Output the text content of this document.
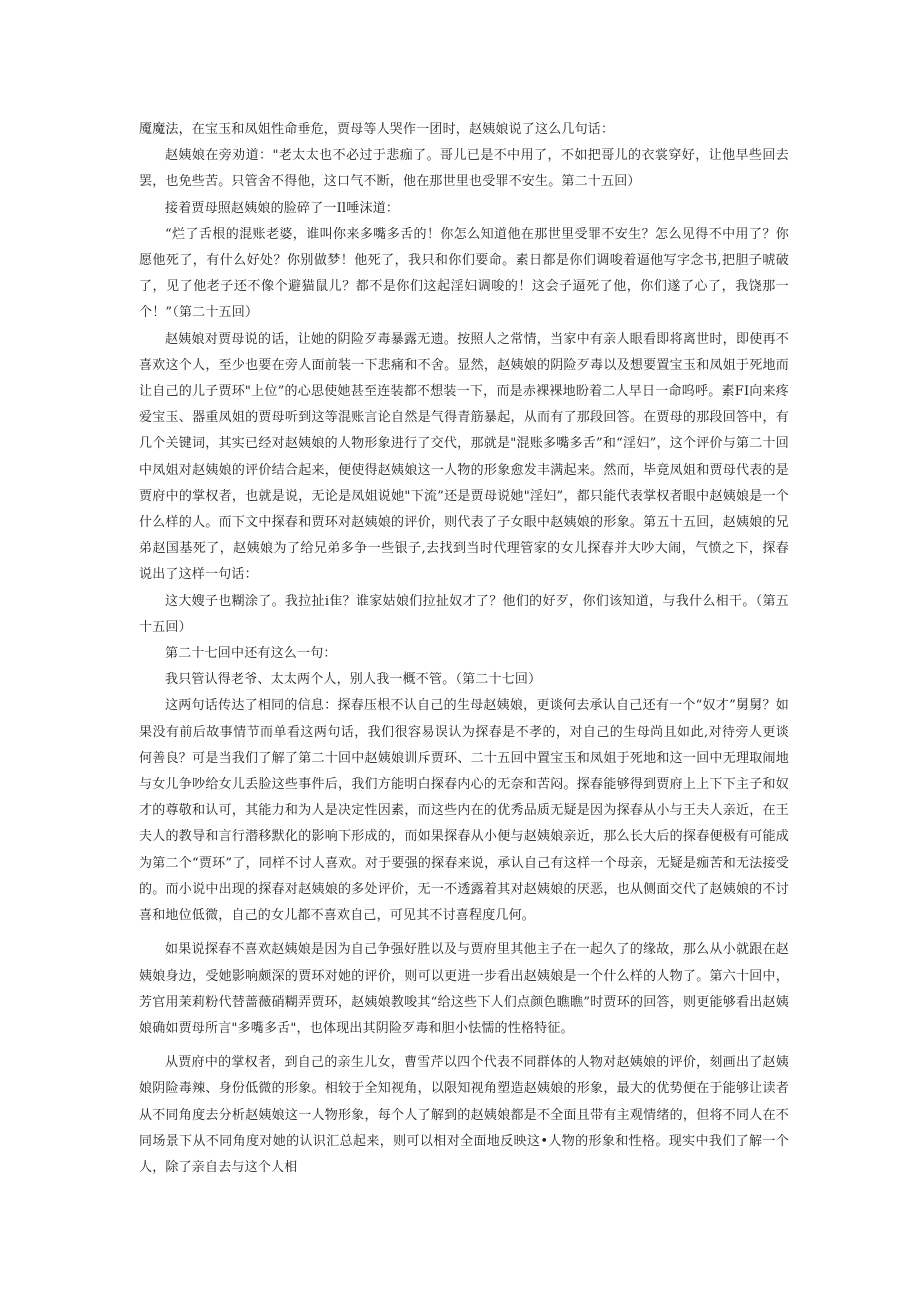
魇魔法，在宝玉和凤姐性命垂危，贾母等人哭作一团时，赵姨娘说了这么几句话：

赵姨娘在旁劝道："老太太也不必过于悲痂了。哥儿已是不中用了，不如把哥儿的衣裳穿好，让他早些回去罢，也免些苦。只管舍不得他，这口气不断，他在那世里也受罪不安生。第二十五回）

接着贾母照赵姨娘的脸碎了一Il唾沫道：

“烂了舌根的混账老婆，谁叫你来多嘴多舌的！你怎么知道他在那世里受罪不安生？怎么见得不中用了？你愿他死了，有什么好处？你别做梦！他死了，我只和你们要命。素日都是你们调唆着逼他写字念书,把胆子唬破了，见了他老子还不像个避猫鼠儿？都不是你们这起淫妇调唆的！这会子逼死了他，你们遂了心了，我饶那一个！”（第二十五回）

赵姨娘对贾母说的话，让她的阴险歹毒暴露无遗。按照人之常情，当家中有亲人眼看即将离世时，即使再不喜欢这个人，至少也要在旁人面前装一下悲痛和不舍。显然，赵姨娘的阴险歹毒以及想要置宝玉和凤姐于死地而让自己的儿子贾环"上位”的心思使她甚至连装都不想装一下，而是赤裸裸地盼着二人早日一命呜呼。素FI向来疼爱宝玉、器重凤姐的贾母听到这等混账言论自然是气得青筋暴起，从而有了那段回答。在贾母的那段回答中，有几个关键词，其实已经对赵姨娘的人物形象进行了交代，那就是"混账多嘴多舌”和“淫妇”，这个评价与第二十回中凤姐对赵姨娘的评价结合起来，便使得赵姨娘这一人物的形象愈发丰满起来。然而，毕竟凤姐和贾母代表的是贾府中的掌权者，也就是说，无论是凤姐说她"下流”还是贾母说她"淫妇”，都只能代表掌权者眼中赵姨娘是一个什么样的人。而下文中探春和贾环对赵姨娘的评价，则代表了子女眼中赵姨娘的形象。第五十五回，赵姨娘的兄弟赵国基死了，赵姨娘为了给兄弟多争一些银子,去找到当时代理管家的女儿探春并大吵大闹，气愤之下，探春说出了这样一句话：

这大嫂子也糊涂了。我拉扯i隹？谁家姑娘们拉扯奴才了？他们的好歹，你们该知道，与我什么相干。（第五十五回）

第二十七回中还有这么一句：

我只管认得老爷、太太两个人，别人我一概不管。（第二十七回）

这两句话传达了相同的信息：探春压根不认自己的生母赵姨娘，更谈何去承认自己还有一个“奴才”舅舅？如果没有前后故事情节而单看这两句话，我们很容易误认为探春是不孝的，对自己的生母尚且如此,对待旁人更谈何善良？可是当我们了解了第二十回中赵姨娘训斥贾环、二十五回中置宝玉和凤姐于死地和这一回中无理取闹地与女儿争吵给女儿丢脸这些事件后，我们方能明白探春内心的无奈和苦闷。探春能够得到贾府上上下下主子和奴才的尊敬和认可，其能力和为人是决定性因素，而这些内在的优秀品质无疑是因为探春从小与王夫人亲近，在王夫人的教导和言行潜移默化的影响下形成的，而如果探春从小便与赵姨娘亲近，那么长大后的探春便极有可能成为第二个“贾环”了，同样不讨人喜欢。对于要强的探春来说，承认自己有这样一个母亲，无疑是痂苦和无法接受的。而小说中出现的探春对赵姨娘的多处评价，无一不透露着其对赵姨娘的厌恶，也从侧面交代了赵姨娘的不讨喜和地位低微，自己的女儿都不喜欢自己，可见其不讨喜程度几何。

如果说探春不喜欢赵姨娘是因为自己争强好胜以及与贾府里其他主子在一起久了的缘故，那么从小就跟在赵姨娘身边，受她影响颇深的贾环对她的评价，则可以更进一步看出赵姨娘是一个什么样的人物了。第六十回中，芳官用茉莉粉代替蔷薇硝糊弄贾环，赵姨娘教唆其“给这些下人们点颜色瞧瞧”时贾环的回答，则更能够看出赵姨娘确如贾母所言"多嘴多舌"，也体现出其阴险歹毒和胆小怯懦的性格特征。

从贾府中的掌权者，到自己的亲生儿女，曹雪芹以四个代表不同群体的人物对赵姨娘的评价，刻画出了赵姨娘阴险毒辣、身份低微的形象。相较于全知视角，以限知视角塑造赵姨娘的形象，最大的优势便在于能够让读者从不同角度去分析赵姨娘这一人物形象，每个人了解到的赵姨娘都是不全面且带有主观情绪的，但将不同人在不同场景下从不同角度对她的认识汇总起来，则可以相对全面地反映这•人物的形象和性格。现实中我们了解一个人，除了亲自去与这个人相
